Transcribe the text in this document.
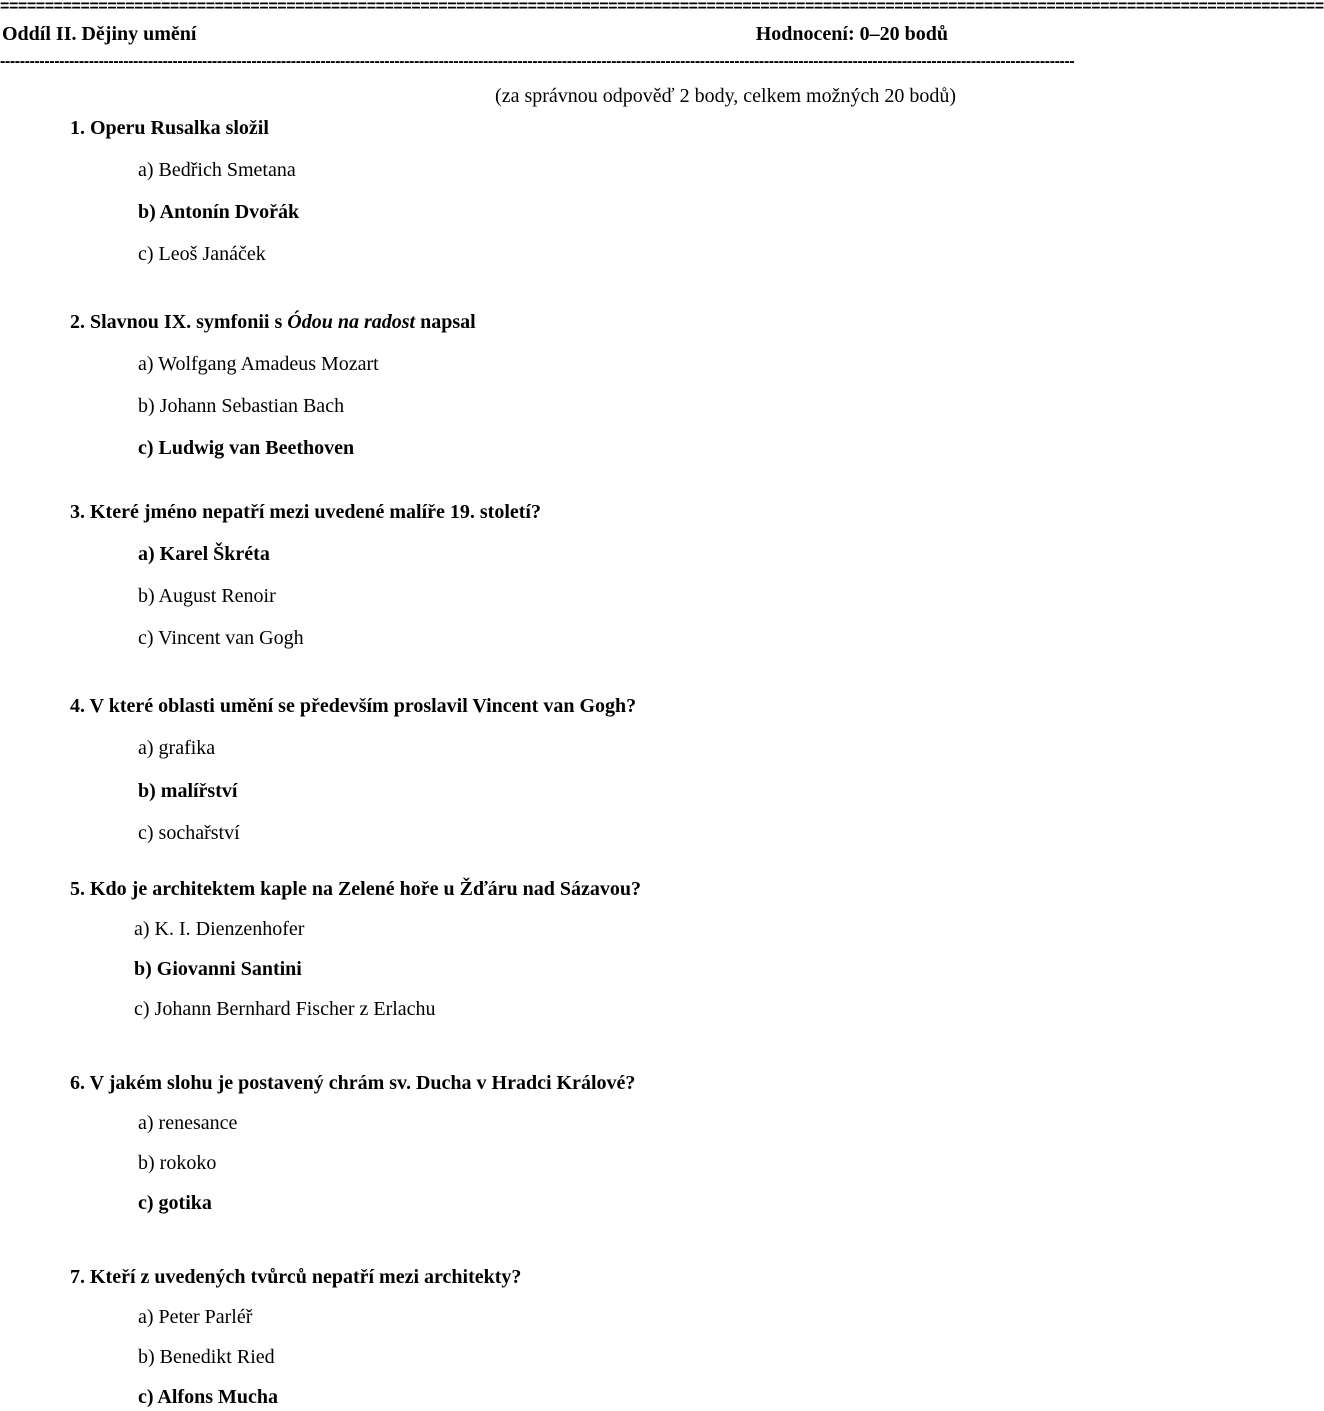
====================================================================================================================================================
Oddíl II. Dějiny umění	Hodnocení: 0–20 bodů
--------------------------------------------------------------------------------------------------------------------------------------------------------------------------------------------------------------------------
(za správnou odpověď 2 body, celkem možných 20 bodů)
1. Operu Rusalka složil
a) Bedřich Smetana
b) Antonín Dvořák
c) Leoš Janáček
2. Slavnou IX. symfonii s Ódou na radost napsal
a) Wolfgang Amadeus Mozart
b) Johann Sebastian Bach
c) Ludwig van Beethoven
3. Které jméno nepatří mezi uvedené malíře 19. století?
a) Karel Škréta
b) August Renoir
c) Vincent van Gogh
4. V které oblasti umění se především proslavil Vincent van Gogh?
a) grafika
b) malířství
c) sochařství
5. Kdo je architektem kaple na Zelené hoře u Žďáru nad Sázavou?
a) K. I. Dienzenhofer
b) Giovanni Santini
c) Johann Bernhard Fischer z Erlachu
6. V jakém slohu je postavený chrám sv. Ducha v Hradci Králové?
a) renesance
b) rokoko
c) gotika
7. Kteří z uvedených tvůrců nepatří mezi architekty?
a) Peter Parléř
b) Benedikt Ried
c) Alfons Mucha
